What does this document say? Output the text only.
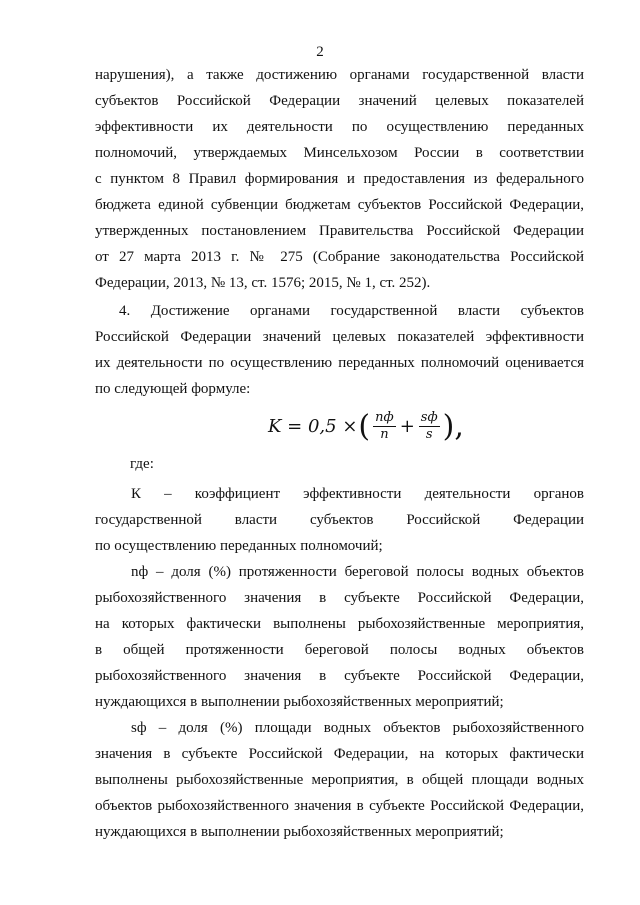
2
нарушения), а также достижению органами государственной власти
субъектов Российской Федерации значений целевых показателей
эффективности их деятельности по осуществлению переданных
полномочий, утверждаемых Минсельхозом России в соответствии
с пунктом 8 Правил формирования и предоставления из федерального
бюджета единой субвенции бюджетам субъектов Российской Федерации,
утвержденных постановлением Правительства Российской Федерации
от 27 марта 2013 г. № 275 (Собрание законодательства Российской
Федерации, 2013, № 13, ст. 1576; 2015, № 1, ст. 252).
4. Достижение органами государственной власти субъектов
Российской Федерации значений целевых показателей эффективности
их деятельности по осуществлению переданных полномочий оценивается
по следующей формуле:
K = 0,5 × ( $\frac{nф}{n} + \frac{sф}{s}$ ),
где:
К – коэффициент эффективности деятельности органов
государственной власти субъектов Российской Федерации
по осуществлению переданных полномочий;
nф – доля (%) протяженности береговой полосы водных объектов
рыбохозяйственного значения в субъекте Российской Федерации,
на которых фактически выполнены рыбохозяйственные мероприятия,
в общей протяженности береговой полосы водных объектов
рыбохозяйственного значения в субъекте Российской Федерации,
нуждающихся в выполнении рыбохозяйственных мероприятий;
sф – доля (%) площади водных объектов рыбохозяйственного
значения в субъекте Российской Федерации, на которых фактически
выполнены рыбохозяйственные мероприятия, в общей площади водных
объектов рыбохозяйственного значения в субъекте Российской Федерации,
нуждающихся в выполнении рыбохозяйственных мероприятий;
